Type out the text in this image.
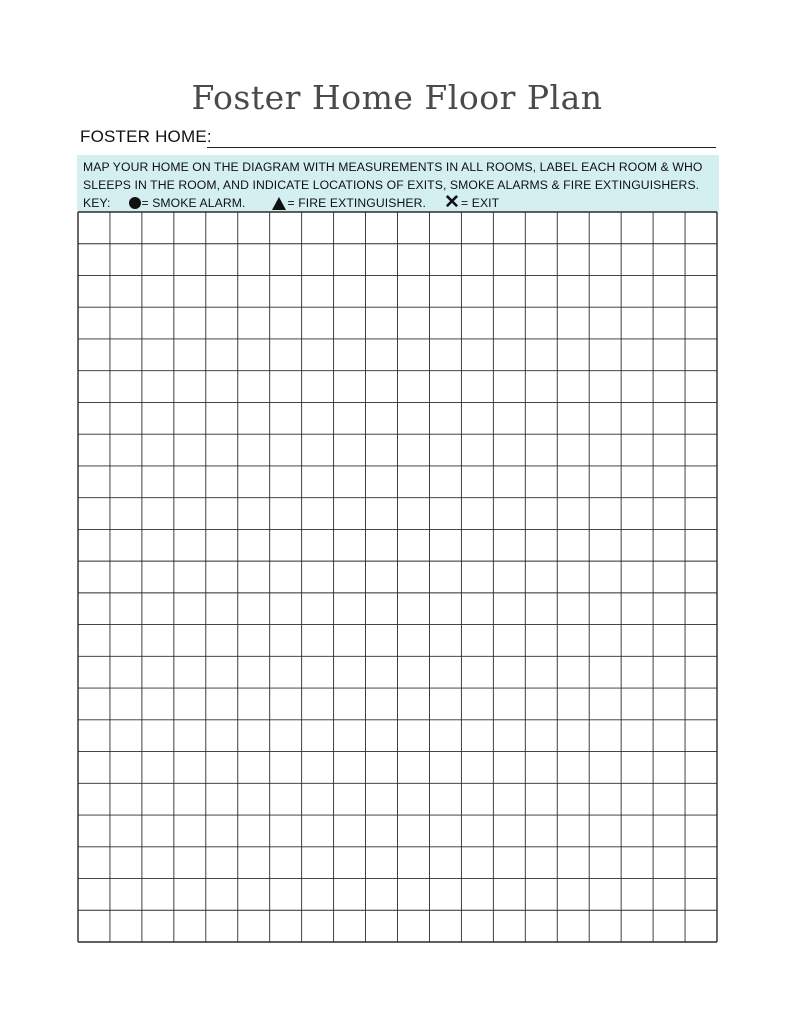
Foster Home Floor Plan
FOSTER HOME:
MAP YOUR HOME ON THE DIAGRAM WITH MEASUREMENTS IN ALL ROOMS, LABEL EACH ROOM & WHO
SLEEPS IN THE ROOM, AND INDICATE LOCATIONS OF EXITS, SMOKE ALARMS & FIRE EXTINGUISHERS.
KEY:	= SMOKE ALARM.	= FIRE EXTINGUISHER. ✕ = EXIT
